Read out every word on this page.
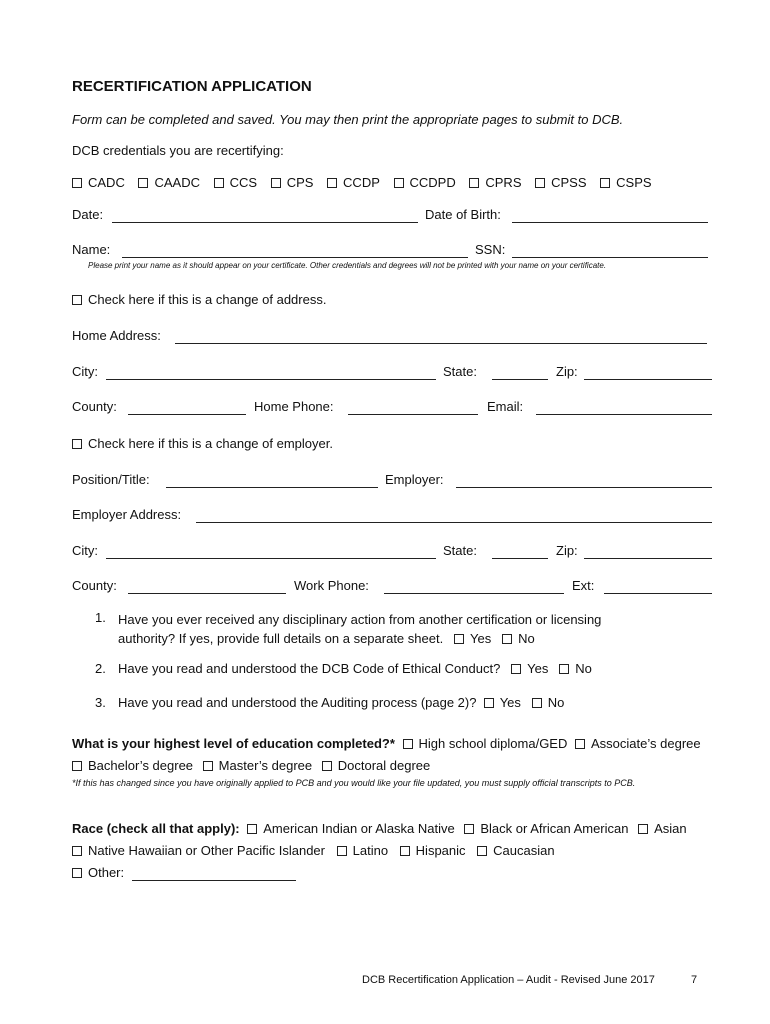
RECERTIFICATION APPLICATION
Form can be completed and saved. You may then print the appropriate pages to submit to DCB.
DCB credentials you are recertifying:
CADC CAADC CCS CPS CCDP CCDPD CPRS CPSS CSPS
Date:	Date of Birth:
Name:	SSN:
Please print your name as it should appear on your certificate. Other credentials and degrees will not be printed with your name on your certificate.
Check here if this is a change of address.
Home Address:
City:	State:	Zip:
County:	Home Phone:	Email:
Check here if this is a change of employer.
Position/Title:	Employer:
Employer Address:
City:	State:	Zip:
County:	Work Phone:	Ext:
1. Have you ever received any disciplinary action from another certification or licensing authority? If yes, provide full details on a separate sheet. Yes No
2. Have you read and understood the DCB Code of Ethical Conduct? Yes No
3. Have you read and understood the Auditing process (page 2)? Yes No
What is your highest level of education completed?* High school diploma/GED Associate’s degree
Bachelor’s degree Master’s degree Doctoral degree
*If this has changed since you have originally applied to PCB and you would like your file updated, you must supply official transcripts to PCB.
Race (check all that apply): American Indian or Alaska Native Black or African American Asian
Native Hawaiian or Other Pacific Islander Latino Hispanic Caucasian
Other:
DCB Recertification Application – Audit - Revised June 2017	7
